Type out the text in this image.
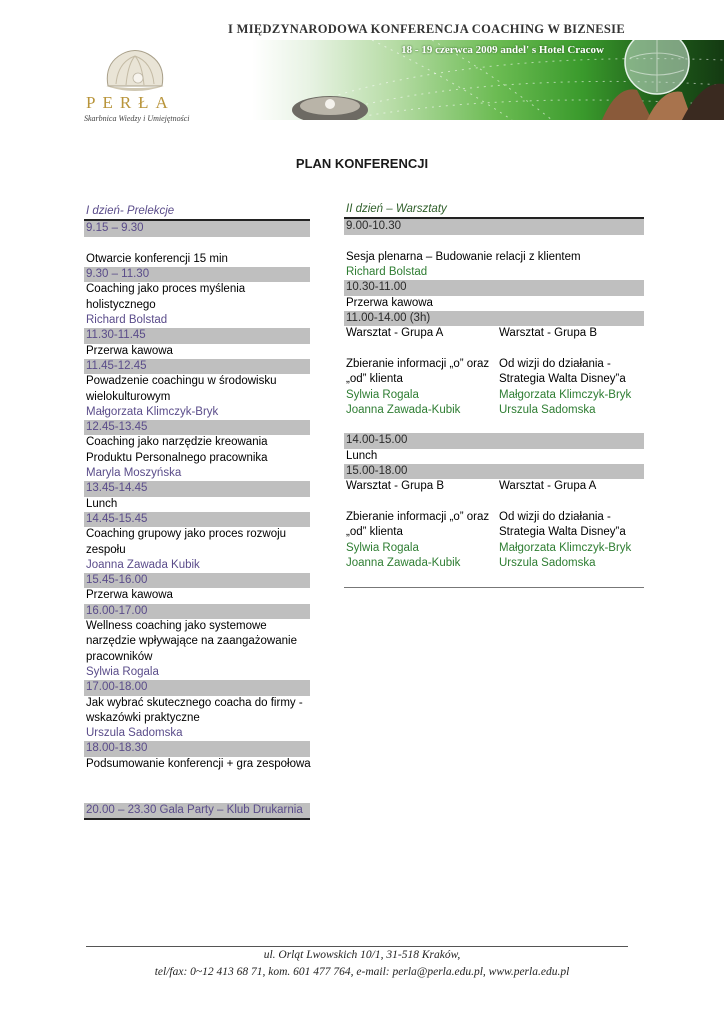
PERŁA
Skarbnica Wiedzy i Umiejętności
I MIĘDZYNARODOWA KONFERENCJA COACHING W BIZNESIE
18 - 19 czerwca 2009 andel' s Hotel Cracow
PLAN KONFERENCJI
I dzień- Prelekcje
9.15 – 9.30
Otwarcie konferencji 15 min
9.30 – 11.30
Coaching jako proces myślenia
holistycznego
Richard Bolstad
11.30-11.45
Przerwa kawowa
11.45-12.45
Powadzenie coachingu w środowisku
wielokulturowym
Małgorzata Klimczyk-Bryk
12.45-13.45
Coaching jako narzędzie kreowania
Produktu Personalnego pracownika
Maryla Moszyńska
13.45-14.45
Lunch
14.45-15.45
Coaching grupowy jako proces rozwoju
zespołu
Joanna Zawada Kubik
15.45-16.00
Przerwa kawowa
16.00-17.00
Wellness coaching jako systemowe
narzędzie wpływające na zaangażowanie
pracowników
Sylwia Rogala
17.00-18.00
Jak wybrać skutecznego coacha do firmy -
wskazówki praktyczne
Urszula Sadomska
18.00-18.30
Podsumowanie konferencji + gra zespołowa
20.00 – 23.30 Gala Party – Klub Drukarnia
II dzień – Warsztaty
9.00-10.30
Sesja plenarna – Budowanie relacji z klientem
Richard Bolstad
10.30-11.00
Przerwa kawowa
11.00-14.00 (3h)
Warsztat - Grupa A
Zbieranie informacji „o” oraz
„od” klienta
Sylwia Rogala
Joanna Zawada-Kubik
Warsztat - Grupa B
Od wizji do działania -
Strategia Walta Disney”a
Małgorzata Klimczyk-Bryk
Urszula Sadomska
14.00-15.00
Lunch
15.00-18.00
Warsztat - Grupa B
Zbieranie informacji „o” oraz
„od” klienta
Sylwia Rogala
Joanna Zawada-Kubik
Warsztat - Grupa A
Od wizji do działania -
Strategia Walta Disney”a
Małgorzata Klimczyk-Bryk
Urszula Sadomska
ul. Orląt Lwowskich 10/1, 31-518 Kraków,
tel/fax: 0~12 413 68 71, kom. 601 477 764, e-mail: perla@perla.edu.pl, www.perla.edu.pl
